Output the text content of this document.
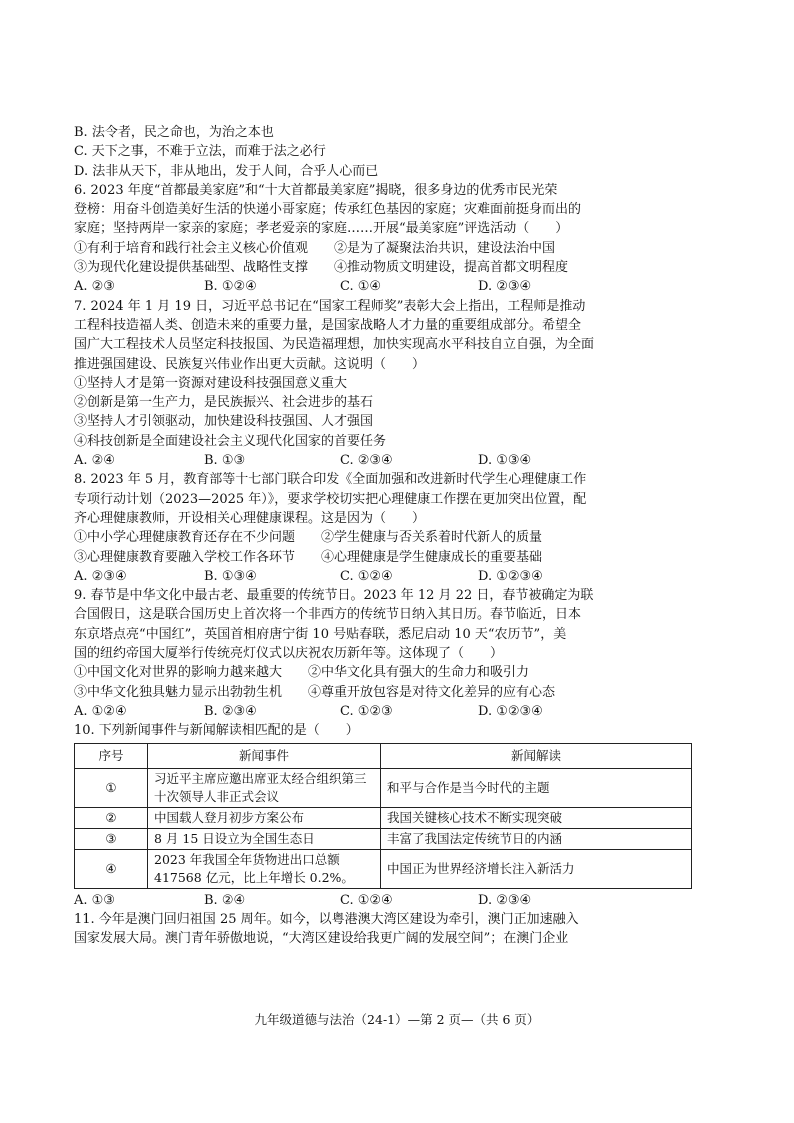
B. 法令者，民之命也，为治之本也
C. 天下之事，不难于立法，而难于法之必行
D. 法非从天下，非从地出，发于人间，合乎人心而已
6. 2023 年度“首都最美家庭”和“十大首都最美家庭”揭晓，很多身边的优秀市民光荣
登榜：用奋斗创造美好生活的快递小哥家庭；传承红色基因的家庭；灾难面前挺身而出的
家庭；坚持两岸一家亲的家庭；孝老爱亲的家庭……开展“最美家庭”评选活动（　　）
①有利于培育和践行社会主义核心价值观　　②是为了凝聚法治共识，建设法治中国
③为现代化建设提供基础型、战略性支撑　　④推动物质文明建设，提高首都文明程度
A. ②③	B. ①②④	C. ①④	D. ②③④
7. 2024 年 1 月 19 日，习近平总书记在“国家工程师奖”表彰大会上指出，工程师是推动
工程科技造福人类、创造未来的重要力量，是国家战略人才力量的重要组成部分。希望全
国广大工程技术人员坚定科技报国、为民造福理想，加快实现高水平科技自立自强，为全面
推进强国建设、民族复兴伟业作出更大贡献。这说明（　　）
①坚持人才是第一资源对建设科技强国意义重大
②创新是第一生产力，是民族振兴、社会进步的基石
③坚持人才引领驱动，加快建设科技强国、人才强国
④科技创新是全面建设社会主义现代化国家的首要任务
A. ②④	B. ①③	C. ②③④	D. ①③④
8. 2023 年 5 月，教育部等十七部门联合印发《全面加强和改进新时代学生心理健康工作
专项行动计划（2023—2025 年）》，要求学校切实把心理健康工作摆在更加突出位置，配
齐心理健康教师，开设相关心理健康课程。这是因为（　　）
①中小学心理健康教育还存在不少问题　　②学生健康与否关系着时代新人的质量
③心理健康教育要融入学校工作各环节　　④心理健康是学生健康成长的重要基础
A. ②③④	B. ①③④	C. ①②④	D. ①②③④
9. 春节是中华文化中最古老、最重要的传统节日。2023 年 12 月 22 日，春节被确定为联
合国假日，这是联合国历史上首次将一个非西方的传统节日纳入其日历。春节临近，日本
东京塔点亮“中国红”，英国首相府唐宁街 10 号贴春联，悉尼启动 10 天“农历节”，美
国的纽约帝国大厦举行传统亮灯仪式以庆祝农历新年等。这体现了（　　）
①中国文化对世界的影响力越来越大　　②中华文化具有强大的生命力和吸引力
③中华文化独具魅力显示出勃勃生机　　④尊重开放包容是对待文化差异的应有心态
A. ①②④	B. ②③④	C. ①②③	D. ①②③④
10. 下列新闻事件与新闻解读相匹配的是（　　）
序号	新闻事件	新闻解读
①	习近平主席应邀出席亚太经合组织第三十次领导人非正式会议	和平与合作是当今时代的主题
②	中国载人登月初步方案公布	我国关键核心技术不断实现突破
③	8 月 15 日设立为全国生态日	丰富了我国法定传统节日的内涵
④	2023 年我国全年货物进出口总额 417568 亿元，比上年增长 0.2%。	中国正为世界经济增长注入新活力
A. ①③	B. ②④	C. ①②④	D. ②③④
11. 今年是澳门回归祖国 25 周年。如今，以粤港澳大湾区建设为牵引，澳门正加速融入
国家发展大局。澳门青年骄傲地说，“大湾区建设给我更广阔的发展空间”；在澳门企业
九年级道德与法治（24-1）—第 2 页—（共 6 页）
